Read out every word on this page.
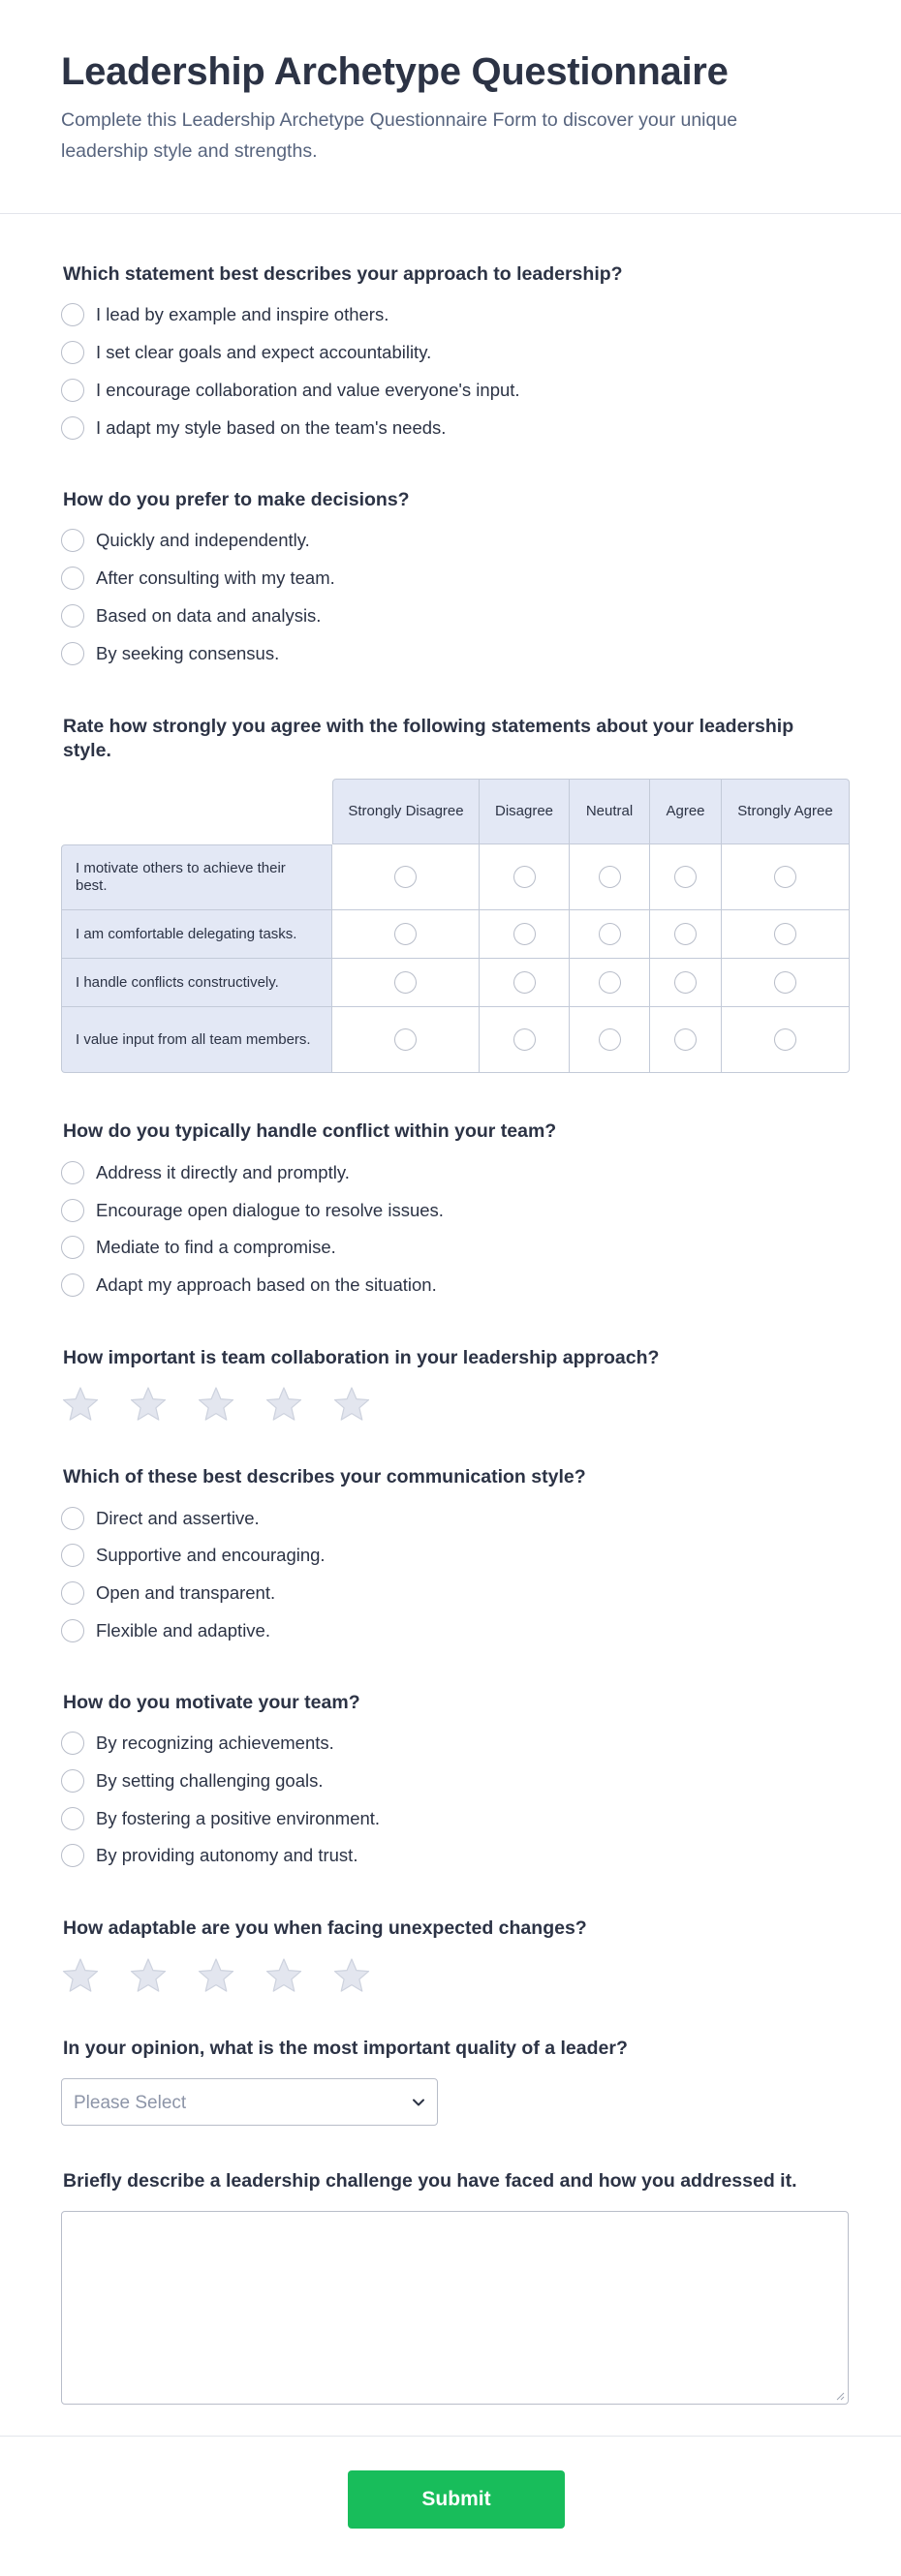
Leadership Archetype Questionnaire

Complete this Leadership Archetype Questionnaire Form to discover your unique leadership style and strengths.

Which statement best describes your approach to leadership?
I lead by example and inspire others.
I set clear goals and expect accountability.
I encourage collaboration and value everyone's input.
I adapt my style based on the team's needs.
How do you prefer to make decisions?
Quickly and independently.
After consulting with my team.
Based on data and analysis.
By seeking consensus.
Rate how strongly you agree with the following statements about your leadership style.
Strongly Disagree	Disagree	Neutral	Agree	Strongly Agree
I motivate others to achieve their best.
I am comfortable delegating tasks.
I handle conflicts constructively.
I value input from all team members.
How do you typically handle conflict within your team?
Address it directly and promptly.
Encourage open dialogue to resolve issues.
Mediate to find a compromise.
Adapt my approach based on the situation.
How important is team collaboration in your leadership approach?
Which of these best describes your communication style?
Direct and assertive.
Supportive and encouraging.
Open and transparent.
Flexible and adaptive.
How do you motivate your team?
By recognizing achievements.
By setting challenging goals.
By fostering a positive environment.
By providing autonomy and trust.
How adaptable are you when facing unexpected changes?
In your opinion, what is the most important quality of a leader?
Please Select
Briefly describe a leadership challenge you have faced and how you addressed it.
Submit
